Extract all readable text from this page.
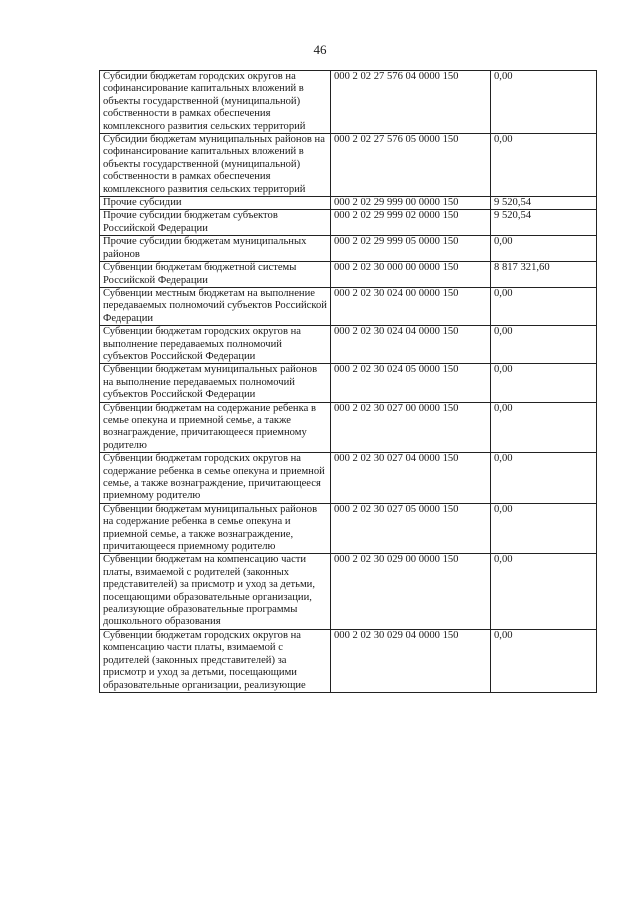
46
Субсидии бюджетам городских округов на софинансирование капитальных вложений в объекты государственной (муниципальной) собственности в рамках обеспечения комплексного развития сельских территорий	000 2 02 27 576 04 0000 150	0,00
Субсидии бюджетам муниципальных районов на софинансирование капитальных вложений в объекты государственной (муниципальной) собственности в рамках обеспечения комплексного развития сельских территорий	000 2 02 27 576 05 0000 150	0,00
Прочие субсидии	000 2 02 29 999 00 0000 150	9 520,54
Прочие субсидии бюджетам субъектов Российской Федерации	000 2 02 29 999 02 0000 150	9 520,54
Прочие субсидии бюджетам муниципальных районов	000 2 02 29 999 05 0000 150	0,00
Субвенции бюджетам бюджетной системы Российской Федерации	000 2 02 30 000 00 0000 150	8 817 321,60
Субвенции местным бюджетам на выполнение передаваемых полномочий субъектов Российской Федерации	000 2 02 30 024 00 0000 150	0,00
Субвенции бюджетам городских округов на выполнение передаваемых полномочий субъектов Российской Федерации	000 2 02 30 024 04 0000 150	0,00
Субвенции бюджетам муниципальных районов на выполнение передаваемых полномочий субъектов Российской Федерации	000 2 02 30 024 05 0000 150	0,00
Субвенции бюджетам на содержание ребенка в семье опекуна и приемной семье, а также вознаграждение, причитающееся приемному родителю	000 2 02 30 027 00 0000 150	0,00
Субвенции бюджетам городских округов на содержание ребенка в семье опекуна и приемной семье, а также вознаграждение, причитающееся приемному родителю	000 2 02 30 027 04 0000 150	0,00
Субвенции бюджетам муниципальных районов на содержание ребенка в семье опекуна и приемной семье, а также вознаграждение, причитающееся приемному родителю	000 2 02 30 027 05 0000 150	0,00
Субвенции бюджетам на компенсацию части платы, взимаемой с родителей (законных представителей) за присмотр и уход за детьми, посещающими образовательные организации, реализующие образовательные программы дошкольного образования	000 2 02 30 029 00 0000 150	0,00
Субвенции бюджетам городских округов на компенсацию части платы, взимаемой с родителей (законных представителей) за присмотр и уход за детьми, посещающими образовательные организации, реализующие	000 2 02 30 029 04 0000 150	0,00
